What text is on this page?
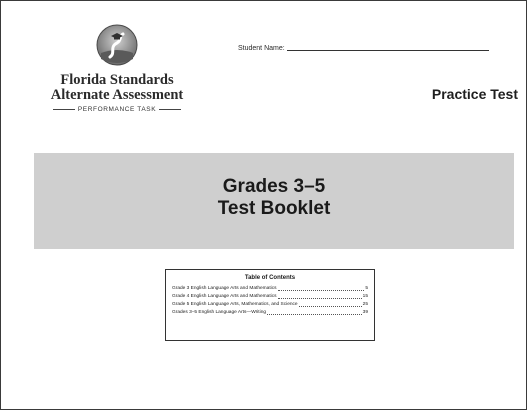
Florida Standards
Alternate Assessment
PERFORMANCE TASK
Student Name:
Practice Test
Grades 3–5
Test Booklet
Table of Contents
Grade 3 English Language Arts and Mathematics	5
Grade 4 English Language Arts and Mathematics	15
Grade 5 English Language Arts, Mathematics, and Science	25
Grades 3–5 English Language Arts—Writing	39
